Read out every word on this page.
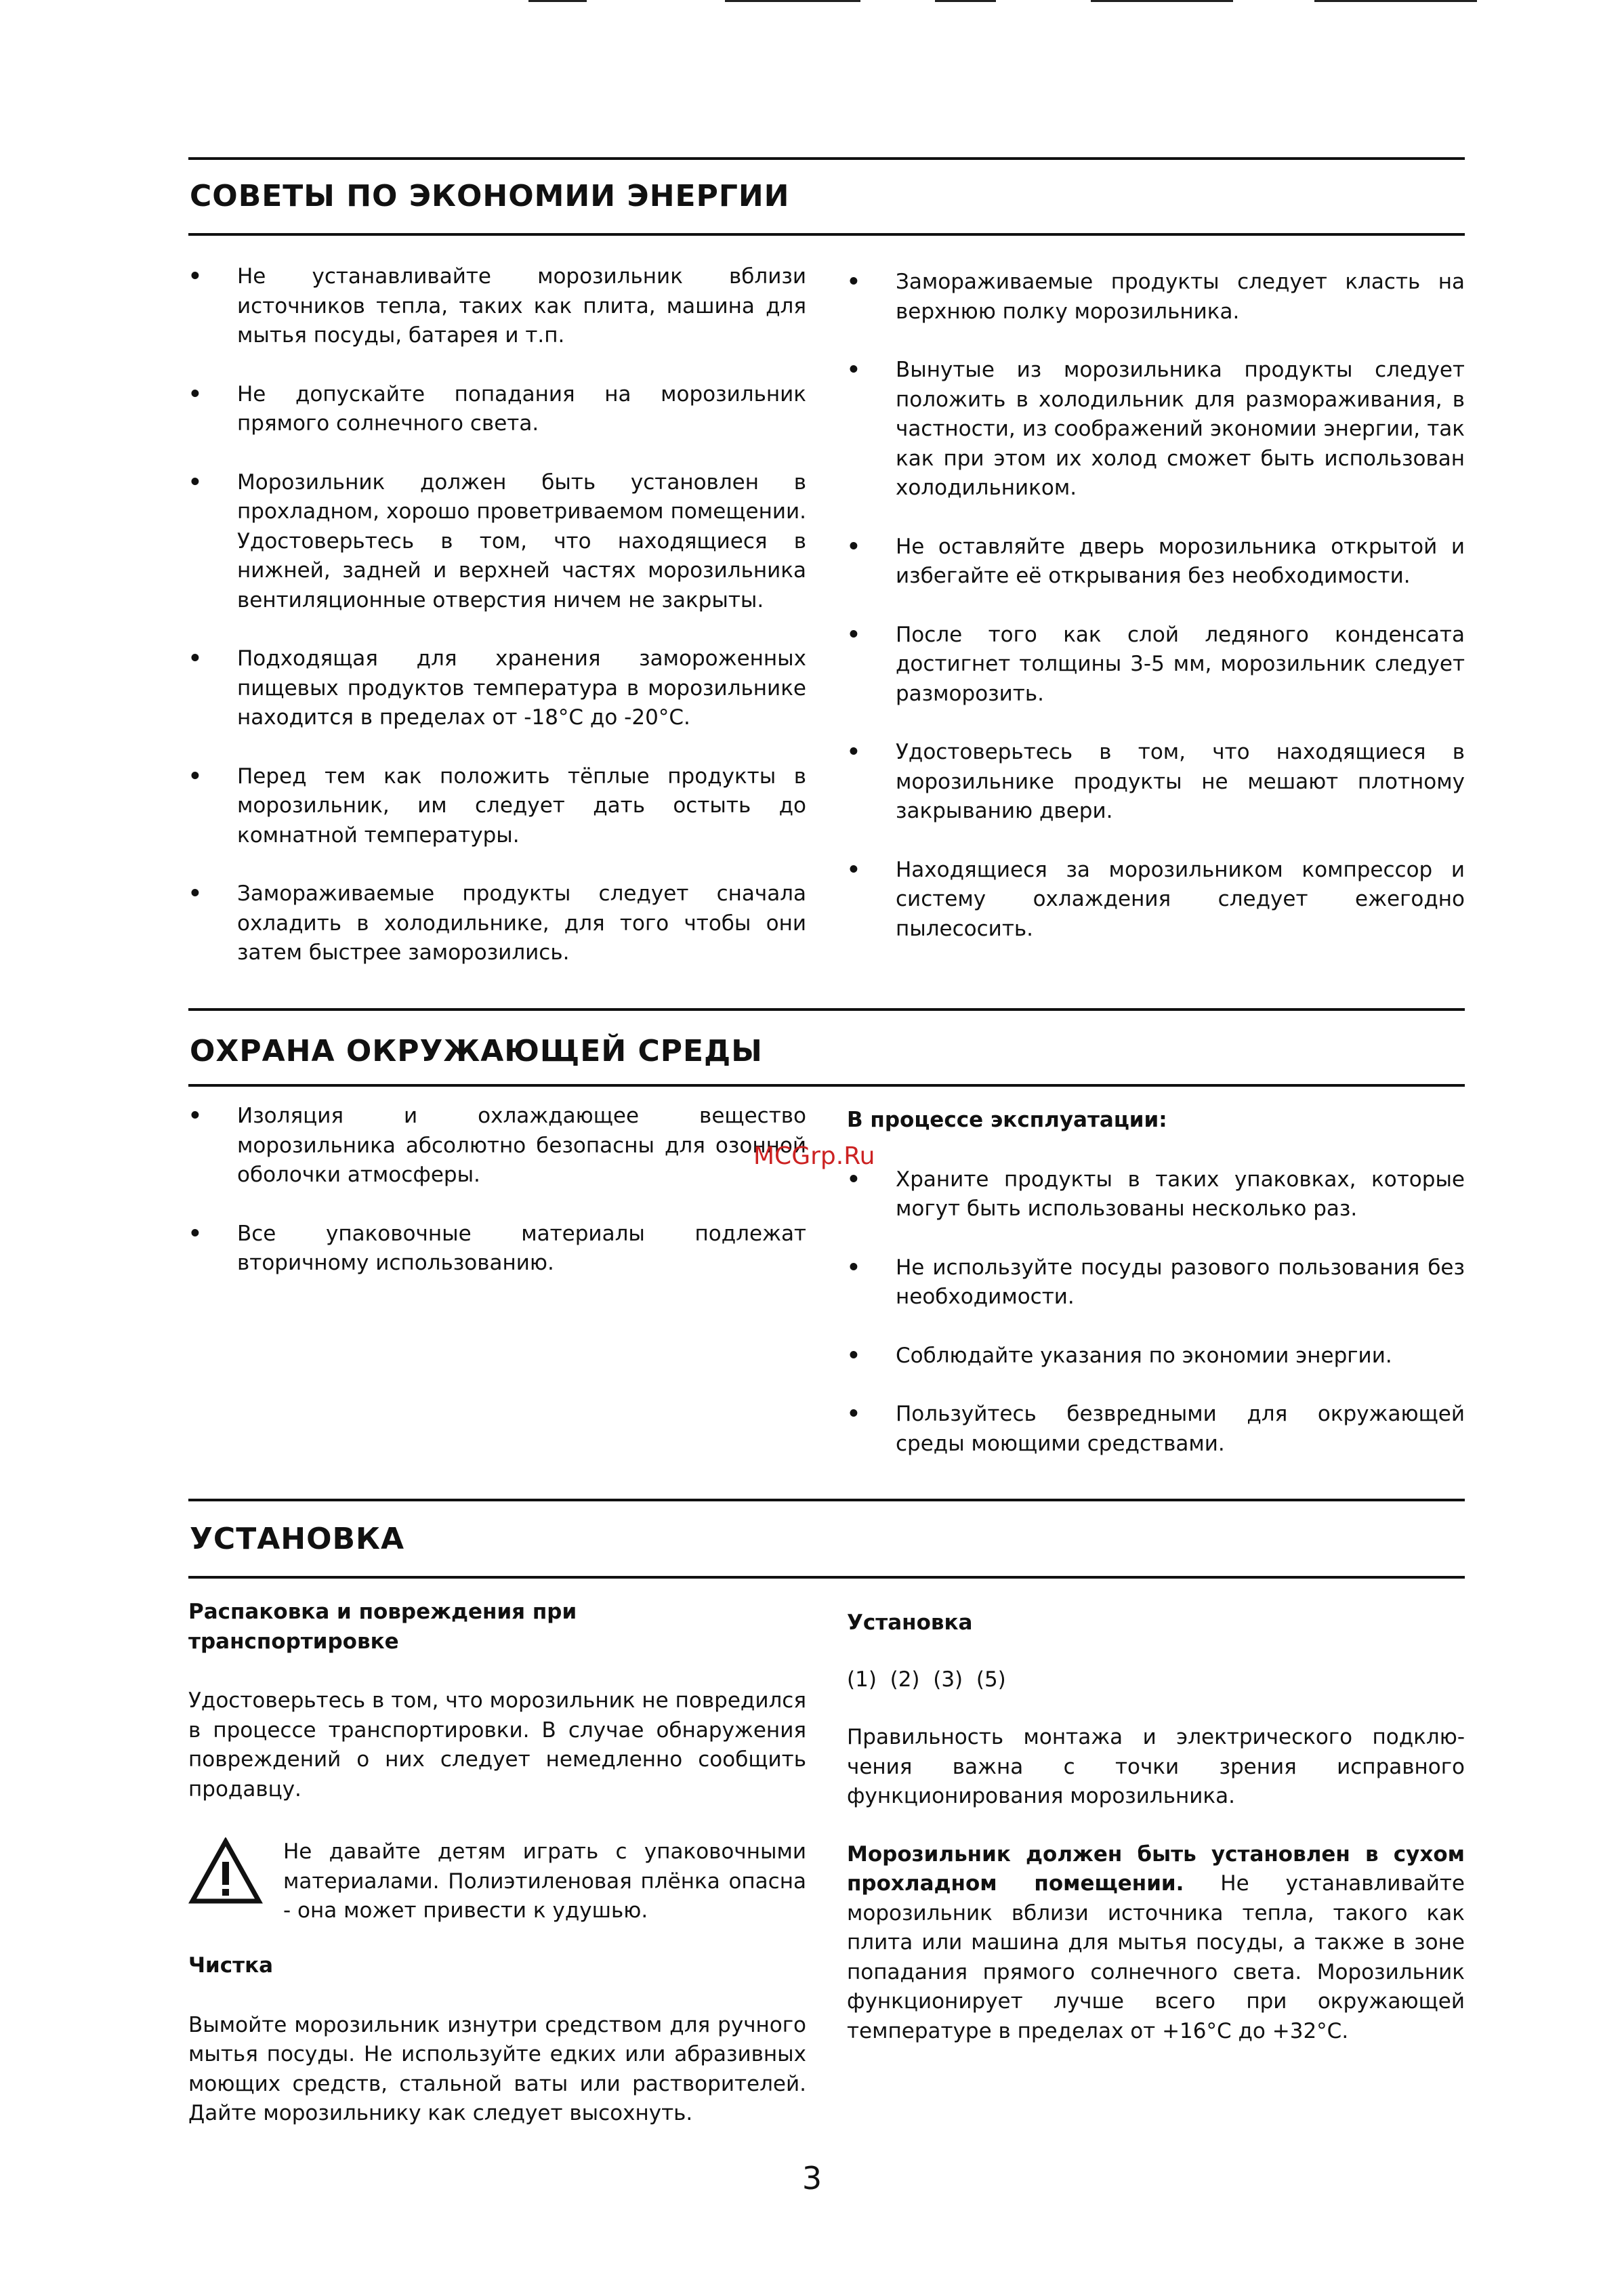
СОВЕТЫ ПО ЭКОНОМИИ ЭНЕРГИИ
•	Не устанавливайте морозильник вблизи источников тепла, таких как плита, машина для мытья посуды, батарея и т.п.
•	Не допускайте попадания на морозильник прямого солнечного света.
•	Морозильник должен быть установлен в прохладном, хорошо проветриваемом помещении. Удостоверьтесь в том, что находящиеся в нижней, задней и верхней частях морозильника вентиляционные отверстия ничем не закрыты.
•	Подходящая для хранения замороженных пищевых продуктов температура в морозильнике находится в пределах от -18°С до -20°С.
•	Перед тем как положить тёплые продукты в морозильник, им следует дать остыть до комнатной температуры.
•	Замораживаемые продукты следует сначала охладить в холодильнике, для того чтобы они затем быстрее заморозились.
•	Замораживаемые продукты следует класть на верхнюю полку морозильника.
•	Вынутые из морозильника продукты следует положить в холодильник для размораживания, в частности, из соображений экономии энергии, так как при этом их холод сможет быть использован холодильником.
•	Не оставляйте дверь морозильника открытой и избегайте её открывания без необходимости.
•	После того как слой ледяного конденсата достигнет толщины 3-5 мм, морозильник следует разморозить.
•	Удостоверьтесь в том, что находящиеся в морозильнике продукты не мешают плотному закрыванию двери.
•	Находящиеся за морозильником компрессор и систему охлаждения следует ежегодно пылесосить.
ОХРАНА ОКРУЖАЮЩЕЙ СРЕДЫ
•	Изоляция и охлаждающее вещество морозильника абсолютно безопасны для озонной оболочки атмосферы.
•	Все упаковочные материалы подлежат вторичному использованию.
В процессе эксплуатации:
•	Храните продукты в таких упаковках, которые могут быть использованы несколько раз.
•	Не используйте посуды разового пользования без необходимости.
•	Соблюдайте указания по экономии энергии.
•	Пользуйтесь безвредными для окружающей среды моющими средствами.
УСТАНОВКА
Распаковка и повреждения при транспортировке
Удостоверьтесь в том, что морозильник не повредился в процессе транспортировки. В случае обнаружения повреждений о них следует немедленно сообщить продавцу.
Не давайте детям играть с упаковочными материалами. Полиэтиленовая плёнка опасна - она может привести к удушью.
Чистка
Вымойте морозильник изнутри средством для ручного мытья посуды. Не используйте едких или абразивных моющих средств, стальной ваты или растворителей. Дайте морозильнику как следует высохнуть.
Установка
(1)  (2)  (3)  (5)
Правильность монтажа и электрического подклю-чения важна с точки зрения исправного функционирования морозильника.
Морозильник должен быть установлен в сухом прохладном помещении. Не устанавливайте морозильник вблизи источника тепла, такого как плита или машина для мытья посуды, а также в зоне попадания прямого солнечного света. Морозильник функционирует лучше всего при окружающей температуре в пределах от +16°С до +32°С.
MCGrp.Ru
3
